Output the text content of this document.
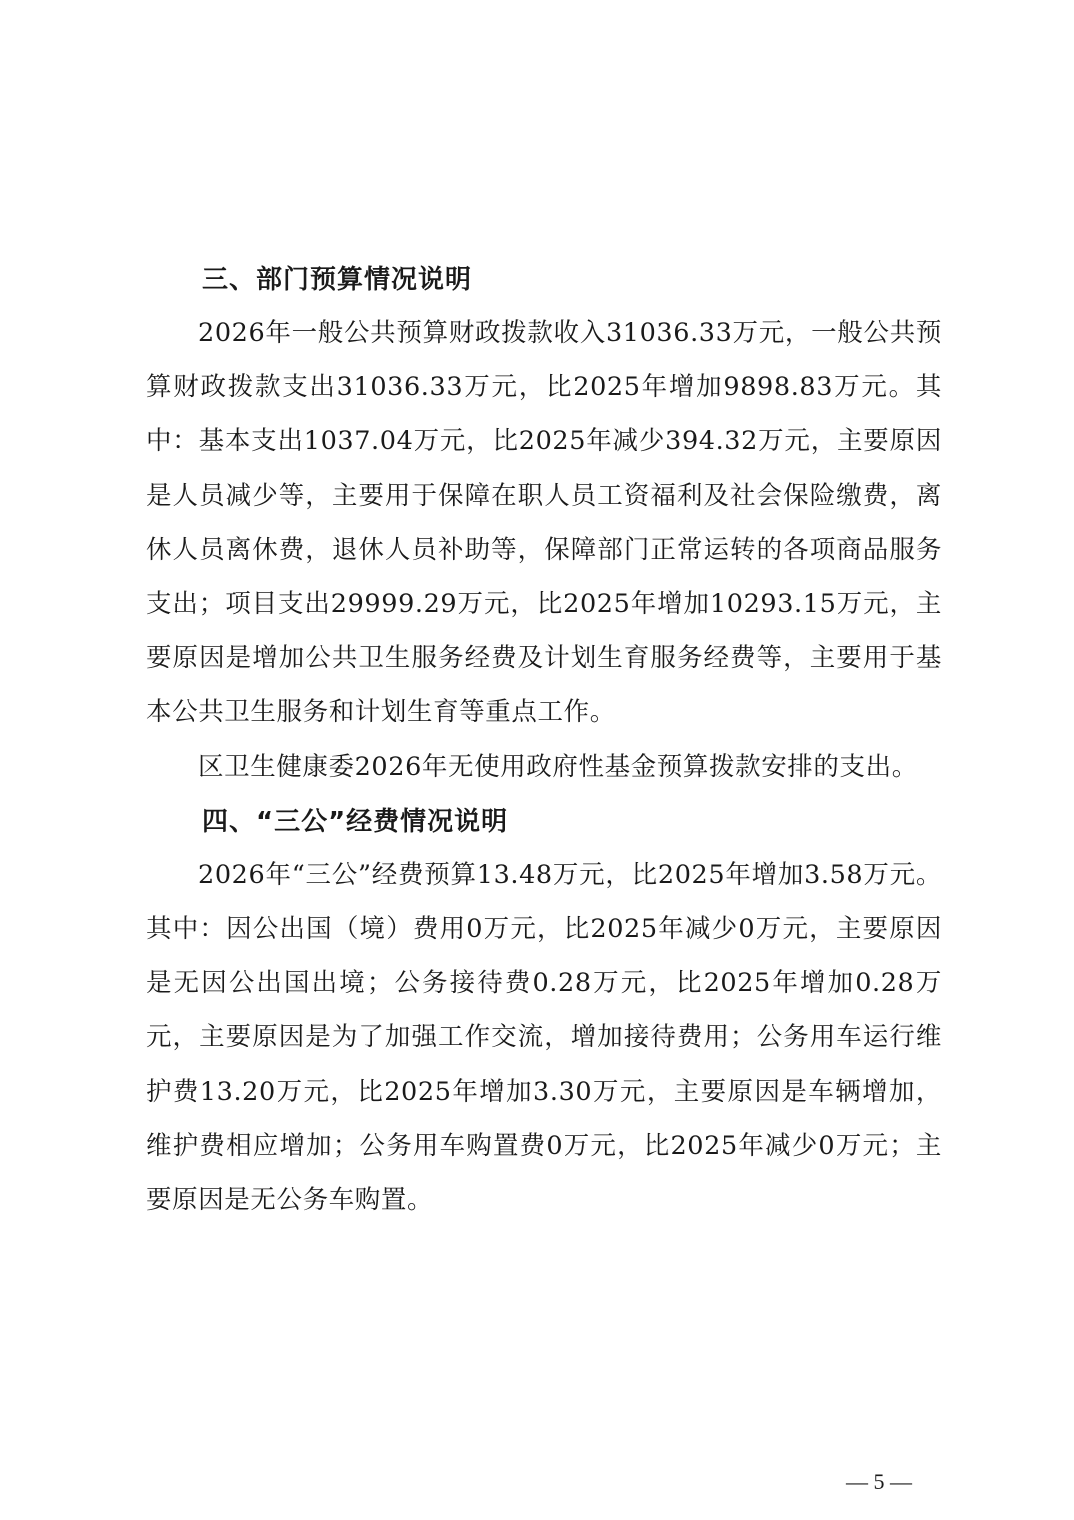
三、部门预算情况说明

2026年一般公共预算财政拨款收入31036.33万元，一般公共预算财政拨款支出31036.33万元，比2025年增加9898.83万元。其中：基本支出1037.04万元，比2025年减少394.32万元，主要原因是人员减少等，主要用于保障在职人员工资福利及社会保险缴费，离休人员离休费，退休人员补助等，保障部门正常运转的各项商品服务支出；项目支出29999.29万元，比2025年增加10293.15万元，主要原因是增加公共卫生服务经费及计划生育服务经费等，主要用于基本公共卫生服务和计划生育等重点工作。

区卫生健康委2026年无使用政府性基金预算拨款安排的支出。

四、“三公”经费情况说明

2026年“三公”经费预算13.48万元，比2025年增加3.58万元。其中：因公出国（境）费用0万元，比2025年减少0万元，主要原因是无因公出国出境；公务接待费0.28万元，比2025年增加0.28万元，主要原因是为了加强工作交流，增加接待费用；公务用车运行维护费13.20万元，比2025年增加3.30万元，主要原因是车辆增加，维护费相应增加；公务用车购置费0万元，比2025年减少0万元；主要原因是无公务车购置。

— 5 —
